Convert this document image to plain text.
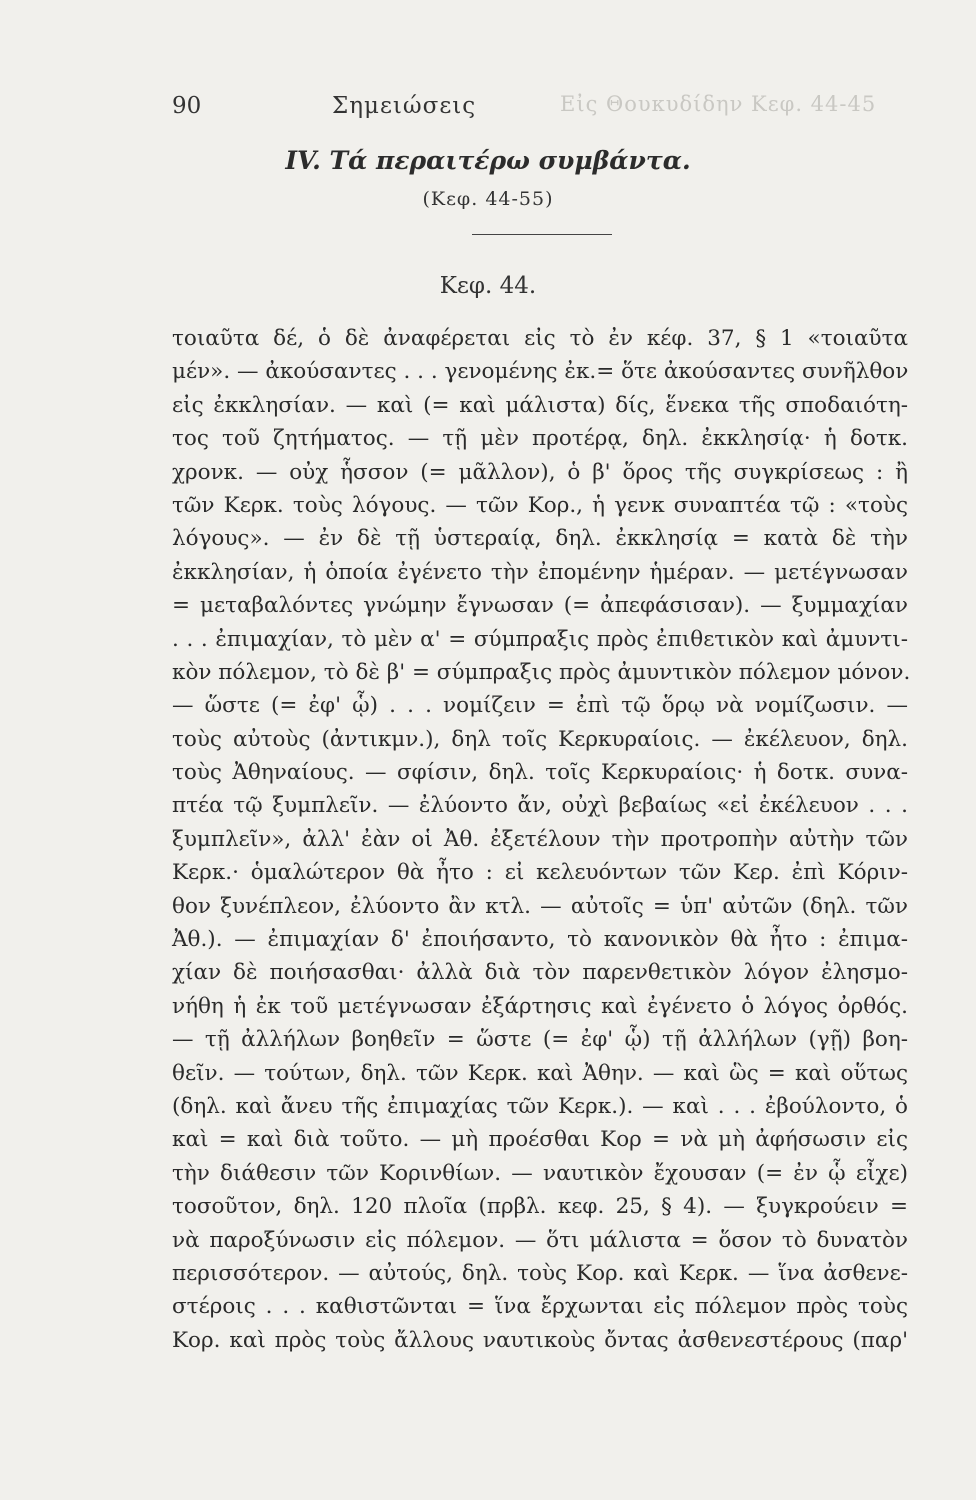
Εἰς Θουκυδίδην Κεφ. 44-45
90	Σημειώσεις
IV. Τά περαιτέρω συμβάντα.
(Κεφ. 44-55)
Κεφ. 44.
τοιαῦτα δέ, ὁ δὲ ἀναφέρεται εἰς τὸ ἐν κέφ. 37, § 1 «τοιαῦτα
μέν». — ἀκούσαντες . . . γενομένης ἐκ.= ὅτε ἀκούσαντες συνῆλθον
εἰς ἐκκλησίαν. — καὶ (= καὶ μάλιστα) δίς, ἕνεκα τῆς σποδαιότη-
τος τοῦ ζητήματος. — τῇ μὲν προτέρᾳ, δηλ. ἐκκλησίᾳ· ἡ δοτκ.
χρονκ. — οὐχ ἧσσον (= μᾶλλον), ὁ β' ὅρος τῆς συγκρίσεως : ἢ
τῶν Κερκ. τοὺς λόγους. — τῶν Κορ., ἡ γενκ συναπτέα τῷ : «τοὺς
λόγους». — ἐν δὲ τῇ ὑστεραίᾳ, δηλ. ἐκκλησίᾳ = κατὰ δὲ τὴν
ἐκκλησίαν, ἡ ὁποία ἐγένετο τὴν ἐπομένην ἡμέραν. — μετέγνωσαν
= μεταβαλόντες γνώμην ἔγνωσαν (= ἀπεφάσισαν). — ξυμμαχίαν
. . . ἐπιμαχίαν, τὸ μὲν α' = σύμπραξις πρὸς ἐπιθετικὸν καὶ ἀμυντι-
κὸν πόλεμον, τὸ δὲ β' = σύμπραξις πρὸς ἀμυντικὸν πόλεμον μόνον.
— ὥστε (= ἐφ' ᾧ) . . . νομίζειν = ἐπὶ τῷ ὅρῳ νὰ νομίζωσιν. —
τοὺς αὐτοὺς (ἀντικμν.), δηλ τοῖς Κερκυραίοις. — ἐκέλευον, δηλ.
τοὺς Ἀθηναίους. — σφίσιν, δηλ. τοῖς Κερκυραίοις· ἡ δοτκ. συνα-
πτέα τῷ ξυμπλεῖν. — ἐλύοντο ἄν, οὐχὶ βεβαίως «εἰ ἐκέλευον . . .
ξυμπλεῖν», ἀλλ' ἐὰν οἱ Ἀθ. ἐξετέλουν τὴν προτροπὴν αὐτὴν τῶν
Κερκ.· ὁμαλώτερον θὰ ἦτο : εἰ κελευόντων τῶν Κερ. ἐπὶ Κόριν-
θον ξυνέπλεον, ἐλύοντο ἂν κτλ. — αὐτοῖς = ὑπ' αὐτῶν (δηλ. τῶν
Ἀθ.). — ἐπιμαχίαν δ' ἐποιήσαντο, τὸ κανονικὸν θὰ ἦτο : ἐπιμα-
χίαν δὲ ποιήσασθαι· ἀλλὰ διὰ τὸν παρενθετικὸν λόγον ἐλησμο-
νήθη ἡ ἐκ τοῦ μετέγνωσαν ἐξάρτησις καὶ ἐγένετο ὁ λόγος ὀρθός.
— τῇ ἀλλήλων βοηθεῖν = ὥστε (= ἐφ' ᾧ) τῇ ἀλλήλων (γῇ) βοη-
θεῖν. — τούτων, δηλ. τῶν Κερκ. καὶ Ἀθην. — καὶ ὣς = καὶ οὕτως
(δηλ. καὶ ἄνευ τῆς ἐπιμαχίας τῶν Κερκ.). — καὶ . . . ἐβούλοντο, ὁ
καὶ = καὶ διὰ τοῦτο. — μὴ προέσθαι Κορ = νὰ μὴ ἀφήσωσιν εἰς
τὴν διάθεσιν τῶν Κορινθίων. — ναυτικὸν ἔχουσαν (= ἐν ᾧ εἶχε)
τοσοῦτον, δηλ. 120 πλοῖα (πρβλ. κεφ. 25, § 4). — ξυγκρούειν =
νὰ παροξύνωσιν εἰς πόλεμον. — ὅτι μάλιστα = ὅσον τὸ δυνατὸν
περισσότερον. — αὐτούς, δηλ. τοὺς Κορ. καὶ Κερκ. — ἵνα ἀσθενε-
στέροις . . . καθιστῶνται = ἵνα ἔρχωνται εἰς πόλεμον πρὸς τοὺς
Κορ. καὶ πρὸς τοὺς ἄλλους ναυτικοὺς ὄντας ἀσθενεστέρους (παρ'
